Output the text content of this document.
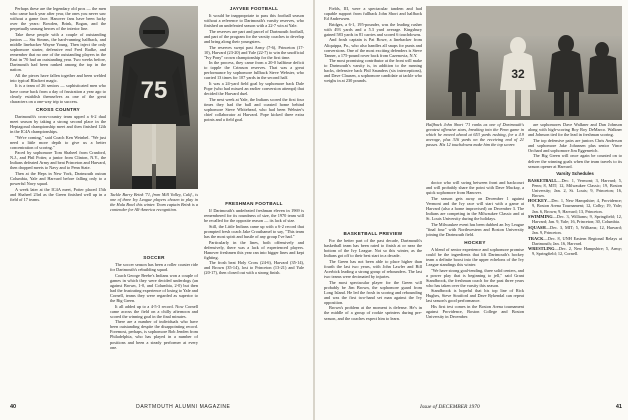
Perhaps these are the legendary old pros — the men who came back year after year, the ones you never saw without a game face. Hanover fans have been lucky over the years: Bowden, Brink, Bogan, and the perpetually unsung heroes of the interior line.

Take these people with a couple of outstanding juniors — Stu Simms, the hard-running halfback, and middle linebacker Wayne Young. Then inject the only sophomore starter, defensive end Fred Radke, and remember that no one of the outstanding players in the East in '70 had an outstanding year. Two weeks before, Dartmouth had been ranked among the top in the nation.

All the pieces have fallen together and been welded into typical Blackert magic.

It is a team of 26 seniors — sophisticated men who have come back from a day of frustration a year ago to clearly establish themselves as one of the great characters on a one-way trip to success.

CROSS COUNTRY

Dartmouth's cross-country team upped a 6-2 dual meet season by taking a strong second place in the Heptagonal championship meet and then finished 12th in the IC4A championships.

"We're coming," said Coach Ken Weinbel. "We just need a little more depth to give us a better concentration of scoring."

Paced by sophomore Tom Shaheel from Cranford, N.J., and Phil Potter, a junior from Clinton, N.Y., the Indians defeated Army and beat Princeton and Harvard, then dropped meets to Navy and to Penn State.

Then at the Heps in New York, Dartmouth outran Columbia, Yale and Harvard before falling only to a powerful Navy squad.

A week later at the IC4A meet, Potter placed 15th and Shaheel 23rd as the Green finished well up in a field of 17 teams.

75
Tackle Barry Brink '71, from Mill Valley, Calif., is one of three Ivy League players chosen to play in the Hula Bowl this winter. Team captain Brink is a contender for All-America recognition.
JAYVEE FOOTBALL

It would be inappropriate to pass this football season without a reference to Dartmouth's varsity reserves, who finished an undefeated season with a 22-7 win at Yale.

The reserves are part and parcel of Dartmouth football, and part of the program for the varsity coaches to develop and bring along their youngsters.

The reserves swept past Army (7-6), Princeton (17-10), Harvard (23-20) and Yale (22-7) to win the unofficial "Ivy Pony" crown championship for the first time.

In the process, they came from a 20-0 halftime deficit to topple the Crimson reserves. That was a great performance by sophomore fullback Steve Webster, who carried 13 times for 107 yards in the second half.

It was a 24-yard field goal by sophomore back Dale Pope (who had missed an earlier conversion attempt) that decided the Harvard duel.

The next week at Yale, the Indians scored the first four times they had the ball and coasted home behind sophomore Steve Whitehead, who had been Webster's chief collaborator at Harvard. Pope kicked three extra points and a field goal.

SOCCER

The soccer season has been a roller coaster ride for Dartmouth's rebuilding squad.

Coach George Beebe's Indians won a couple of games in which they were decided underdogs (an against Brown, 1-0, and Columbia, 2-0) but then had the frustrating experience of losing to Yale and Cornell, teams they were regarded as superior to the Big Green.

It all added up to a 4-5-3 record. Now Cornell came across the field on a chilly afternoon and scored the winning goal in the final minutes.

There are a number of individuals who have been outstanding despite the disappointing record. Foremost, perhaps, is sophomore Bob Jenden from Philadelphia, who has played in a number of positions and been a steady performer at every one.

FRESHMAN FOOTBALL

If Dartmouth's undefeated freshman eleven in 1969 is remembered for its roundness of size, the 1970 team will be recalled for the opposite reason — its lack of size.

Still, the Little Indians came up with a 6-2 record that prompted fresh coach Jake Crouthamel to say, "This team has the most spirit and hustle of any group I've had."

Particularly in the lines, both offensively and defensively, there was a lack of experienced players. Hanover freshmen this year ran into bigger lines and kept fighting.

The frosh beat Holy Cross (24-6), Harvard (35-14), and Brown (35-14), lost to Princeton (13-21) and Yale (20-17), then closed out with a strong finish.

40	DARTMOUTH ALUMNI MAGAZINE

Fields, III, were a spectacular tandem and had capable support from fullback John Short and halfback Ed Andrewsen.

Bridges, a 6-1, 195-pounder, was the leading rusher with 493 yards and a 5.3 yard average. Kingsbury gained 583 yards in 81 carries and scored 6 touchdowns.

And frosh captain is Pat Bowe, a linebacker from Aliquippa, Pa., who also handles all snaps for punts and conversions. One of the most exciting defenders is Steve Tanner, a 175-pound rover back from Cazenovia, N.Y.

The most promising contributor at the front will make to Dartmouth's varsity is, in addition to the running backs, defensive back Phil Saunders (six interceptions), and Dave Clausen, a sophomore candidate at tackle who weighs in at 230 pounds.	32
Halfback John Short '71 ranks as one of Dartmouth's greatest offensive stars, breaking into the Penn game in which he moved ahead at 653 yards rushing, for a 4.9 average, plus 316 yards on the receiving end of 21 passes. His 12 touchdowns make him the top scorer.
BASKETBALL PREVIEW

For the better part of the past decade, Dartmouth's basketball team has been rated to finish at or near the bottom of the Ivy League. Not so this winter, as the Indians got off to their best start in a decade.

The Green has not been able to place higher than fourth the last two years, with John Lawler and Bill Acerbick leading a strong group of rebounders. The last two teams were decimated by injuries.

The most spectacular player for the Green will probably be Jim Brown, the sophomore guard from Long Island. He led the frosh in scoring and rebounding and was the first two-hand set man against the Ivy opposition.

Brown's problem at the moment is defense. He's in the middle of a group of rookie sprinters during pre-season, and the coaches expect him to learn.

doctor who will swing between front and backcourt and will probably share the point with Dave Mackay, a quick sophomore from Hanover.

The season gets away on December 1 against Vermont and the Ivy race will start with a game at Harvard (also a home improvised) on December 3. The Indians are competing in the Milwaukee Classic and at St. Louis University during the holidays.

The Milwaukee event has been dubbed an Ivy League "final four" with Northwestern and Boston University joining the Dartmouth field.

HOCKEY

A blend of senior experience and sophomore promise could be the ingredients that lift Dartmouth's hockey team a definite boost into the upper echelons of the Ivy League standings this winter.

"We have strong goal-tending, three solid centers, and a power play that is beginning to jell," said Grant Standbrook, the freshman coach for the past three years who has taken over the varsity this season.

Standbrook is hopeful that his top line of Rick Hughes, Steve Stratford and Dave Rykendal can repeat last season's good performance.

His first test comes in the Boston Arena tournament against Providence, Boston College and Boston University in December.

are sophomores Dave Walkner and Dan Johnson along with high-scoring Boy Roy DeMarco. Walkner and Johnson tied for the lead in freshman scoring.

The top defensive pairs are juniors Chris Anderson and sophomore Jake Johansen plus senior Vince Orchard and sophomore Jim Eggenreich.

The Big Green will once again be counted on to deliver the winning goals when the team travels to its season opener at Harvard.

Varsity Schedules

BASKETBALL—Dec. 1, Vermont; 3, Harvard; 5, Penn; 8, MIT; 12, Milwaukee Classic; 19, Boston University; Jan. 2, St. Louis; 9, Princeton; 16, Brown.

HOCKEY—Dec. 1, New Hampshire; 4, Providence; 9, Boston Arena Tournament; 12, Colby; 19, Yale; Jan. 6, Brown; 9, Harvard; 13, Princeton.

SWIMMING—Dec. 3, Williams; 9, Springfield; 12, Harvard; Jan. 9, Yale; 16, Princeton; 30, Columbia.

SQUASH—Dec. 3, MIT; 5, Williams; 12, Harvard; Jan. 9, Princeton.

TRACK—Dec. 8, UNH Eastern Regional Relays at Dartmouth; Jan. 16, Harvard.

WRESTLING—Dec. 2, New Hampshire; 5, Army; 9, Springfield; 12, Cornell.

Issue of DECEMBER 1970	41
